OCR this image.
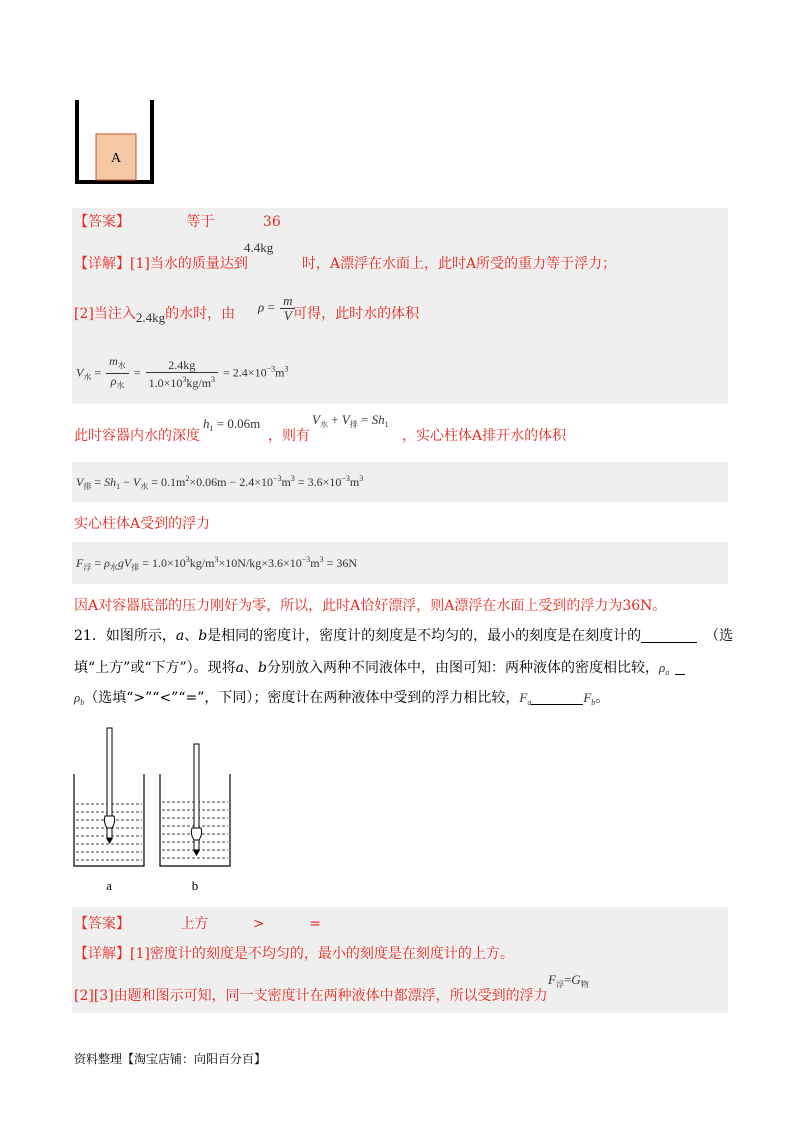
A
【答案】	等于	36
4.4kg
【详解】[1]当水的质量达到	时，A漂浮在水面上，此时A所受的重力等于浮力；
[2]当注入2.4kg的水时，由	可得，此时水的体积
$\rho = \frac{m}{V}$
$V_水 = \frac{m_水}{\rho_水} = \frac{2.4kg}{1.0\times 10^3kg/m^3} = 2.4\times 10^{-3}m^3$
此时容器内水的深度	，则有	，实心柱体A排开水的体积
$h_1 = 0.06m$	$V_水 + V_排 = Sh_1$
$V_排 = Sh_1 - V_水 = 0.1m^2\times 0.06m - 2.4\times 10^{-3}m^3 = 3.6\times 10^{-3}m^3$
实心柱体A受到的浮力
$F_浮 = \rho_水gV_排 = 1.0\times 10^3kg/m^3\times 10N/kg\times 3.6\times 10^{-3}m^3 = 36N$
因A对容器底部的压力刚好为零，所以，此时A恰好漂浮，则A漂浮在水面上受到的浮力为36N。
21．如图所示，a、b是相同的密度计，密度计的刻度是不均匀的，最小的刻度是在刻度计的	（选
填“上方”或“下方”）。现将a、b分别放入两种不同液体中，由图可知：两种液体的密度相比较，$\rho_a$
$\rho_b$（选填“>”“<”“=”，下同）；密度计在两种液体中受到的浮力相比较，$F_a$	$F_b$。
a	b
【答案】	上方	>	=
【详解】[1]密度计的刻度是不均匀的，最小的刻度是在刻度计的上方。
[2][3]由题和图示可知，同一支密度计在两种液体中都漂浮，所以受到的浮力
$F_浮=G_物$
资料整理【淘宝店铺：向阳百分百】
